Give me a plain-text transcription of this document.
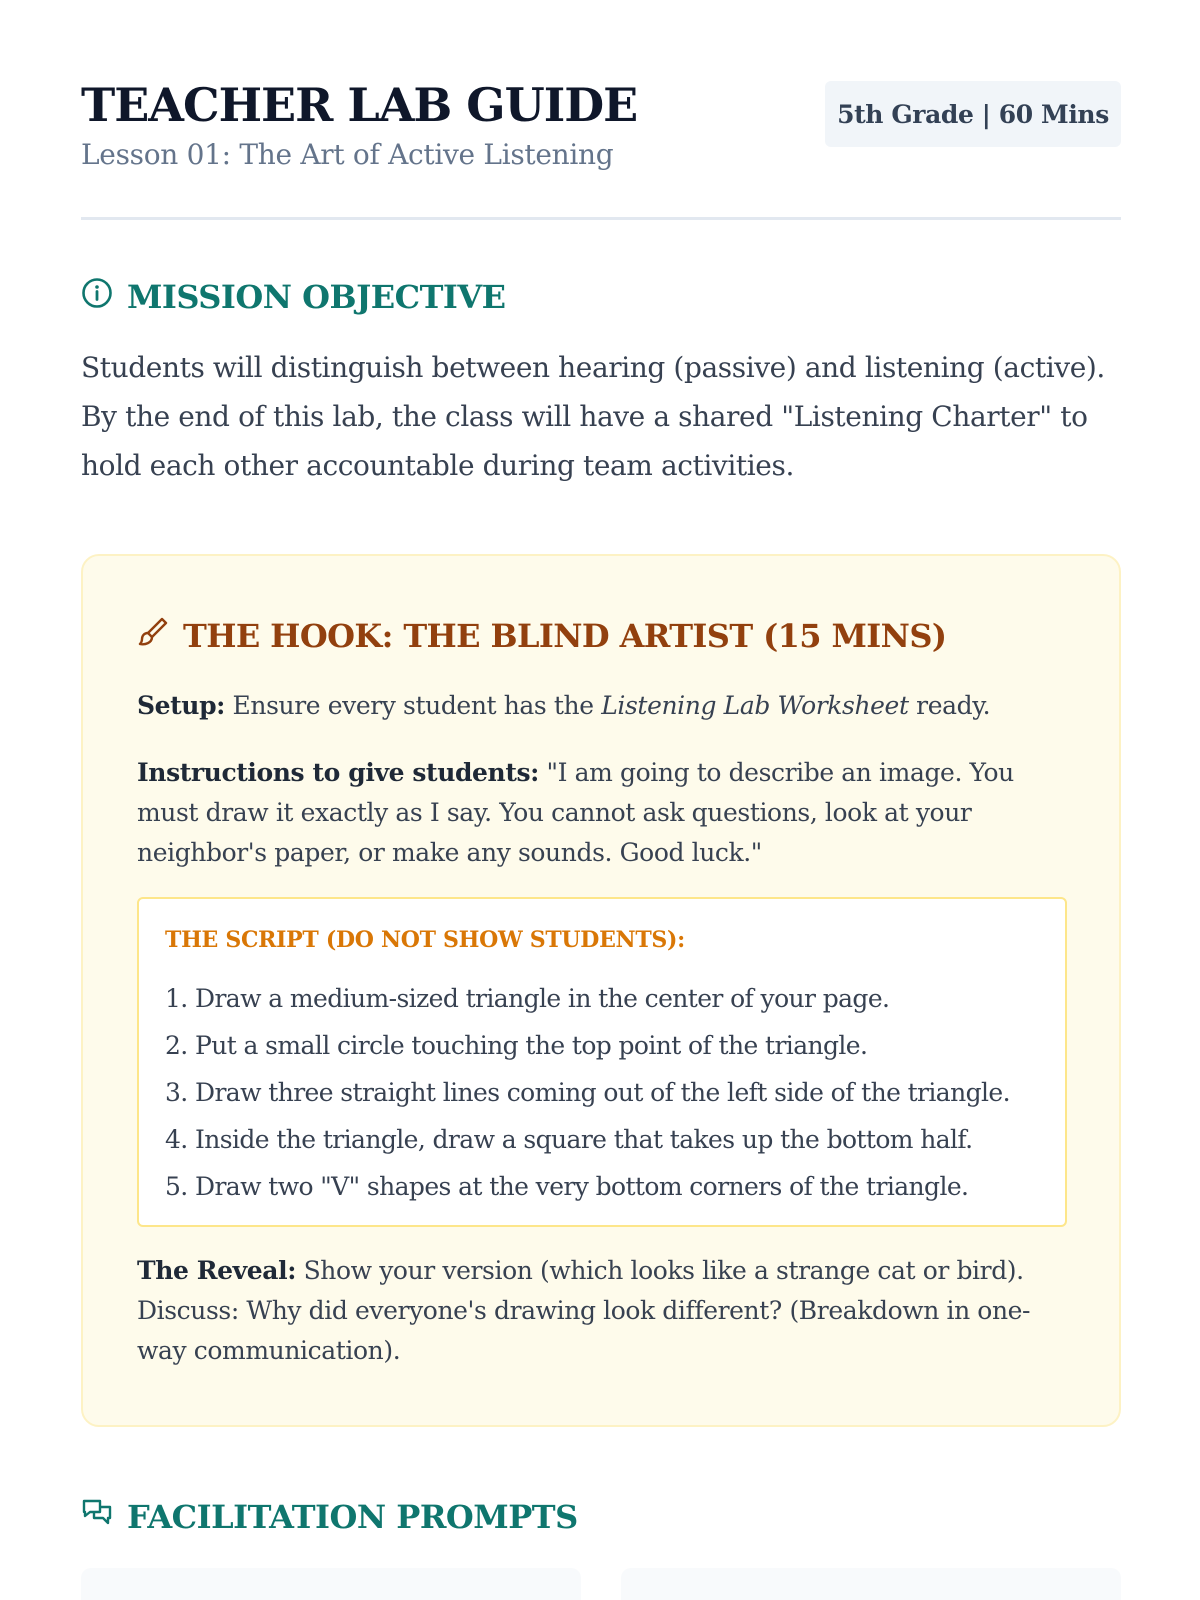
TEACHER LAB GUIDE
Lesson 01: The Art of Active Listening
5th Grade | 60 Mins
MISSION OBJECTIVE

Students will distinguish between hearing (passive) and listening (active). By the end of this lab, the class will have a shared "Listening Charter" to hold each other accountable during team activities.

THE HOOK: THE BLIND ARTIST (15 MINS)

Setup: Ensure every student has the Listening Lab Worksheet ready.

Instructions to give students: "I am going to describe an image. You must draw it exactly as I say. You cannot ask questions, look at your neighbor's paper, or make any sounds. Good luck."

THE SCRIPT (DO NOT SHOW STUDENTS):
1. Draw a medium-sized triangle in the center of your page.
2. Put a small circle touching the top point of the triangle.
3. Draw three straight lines coming out of the left side of the triangle.
4. Inside the triangle, draw a square that takes up the bottom half.
5. Draw two "V" shapes at the very bottom corners of the triangle.

The Reveal: Show your version (which looks like a strange cat or bird). Discuss: Why did everyone's drawing look different? (Breakdown in one-way communication).

FACILITATION PROMPTS
